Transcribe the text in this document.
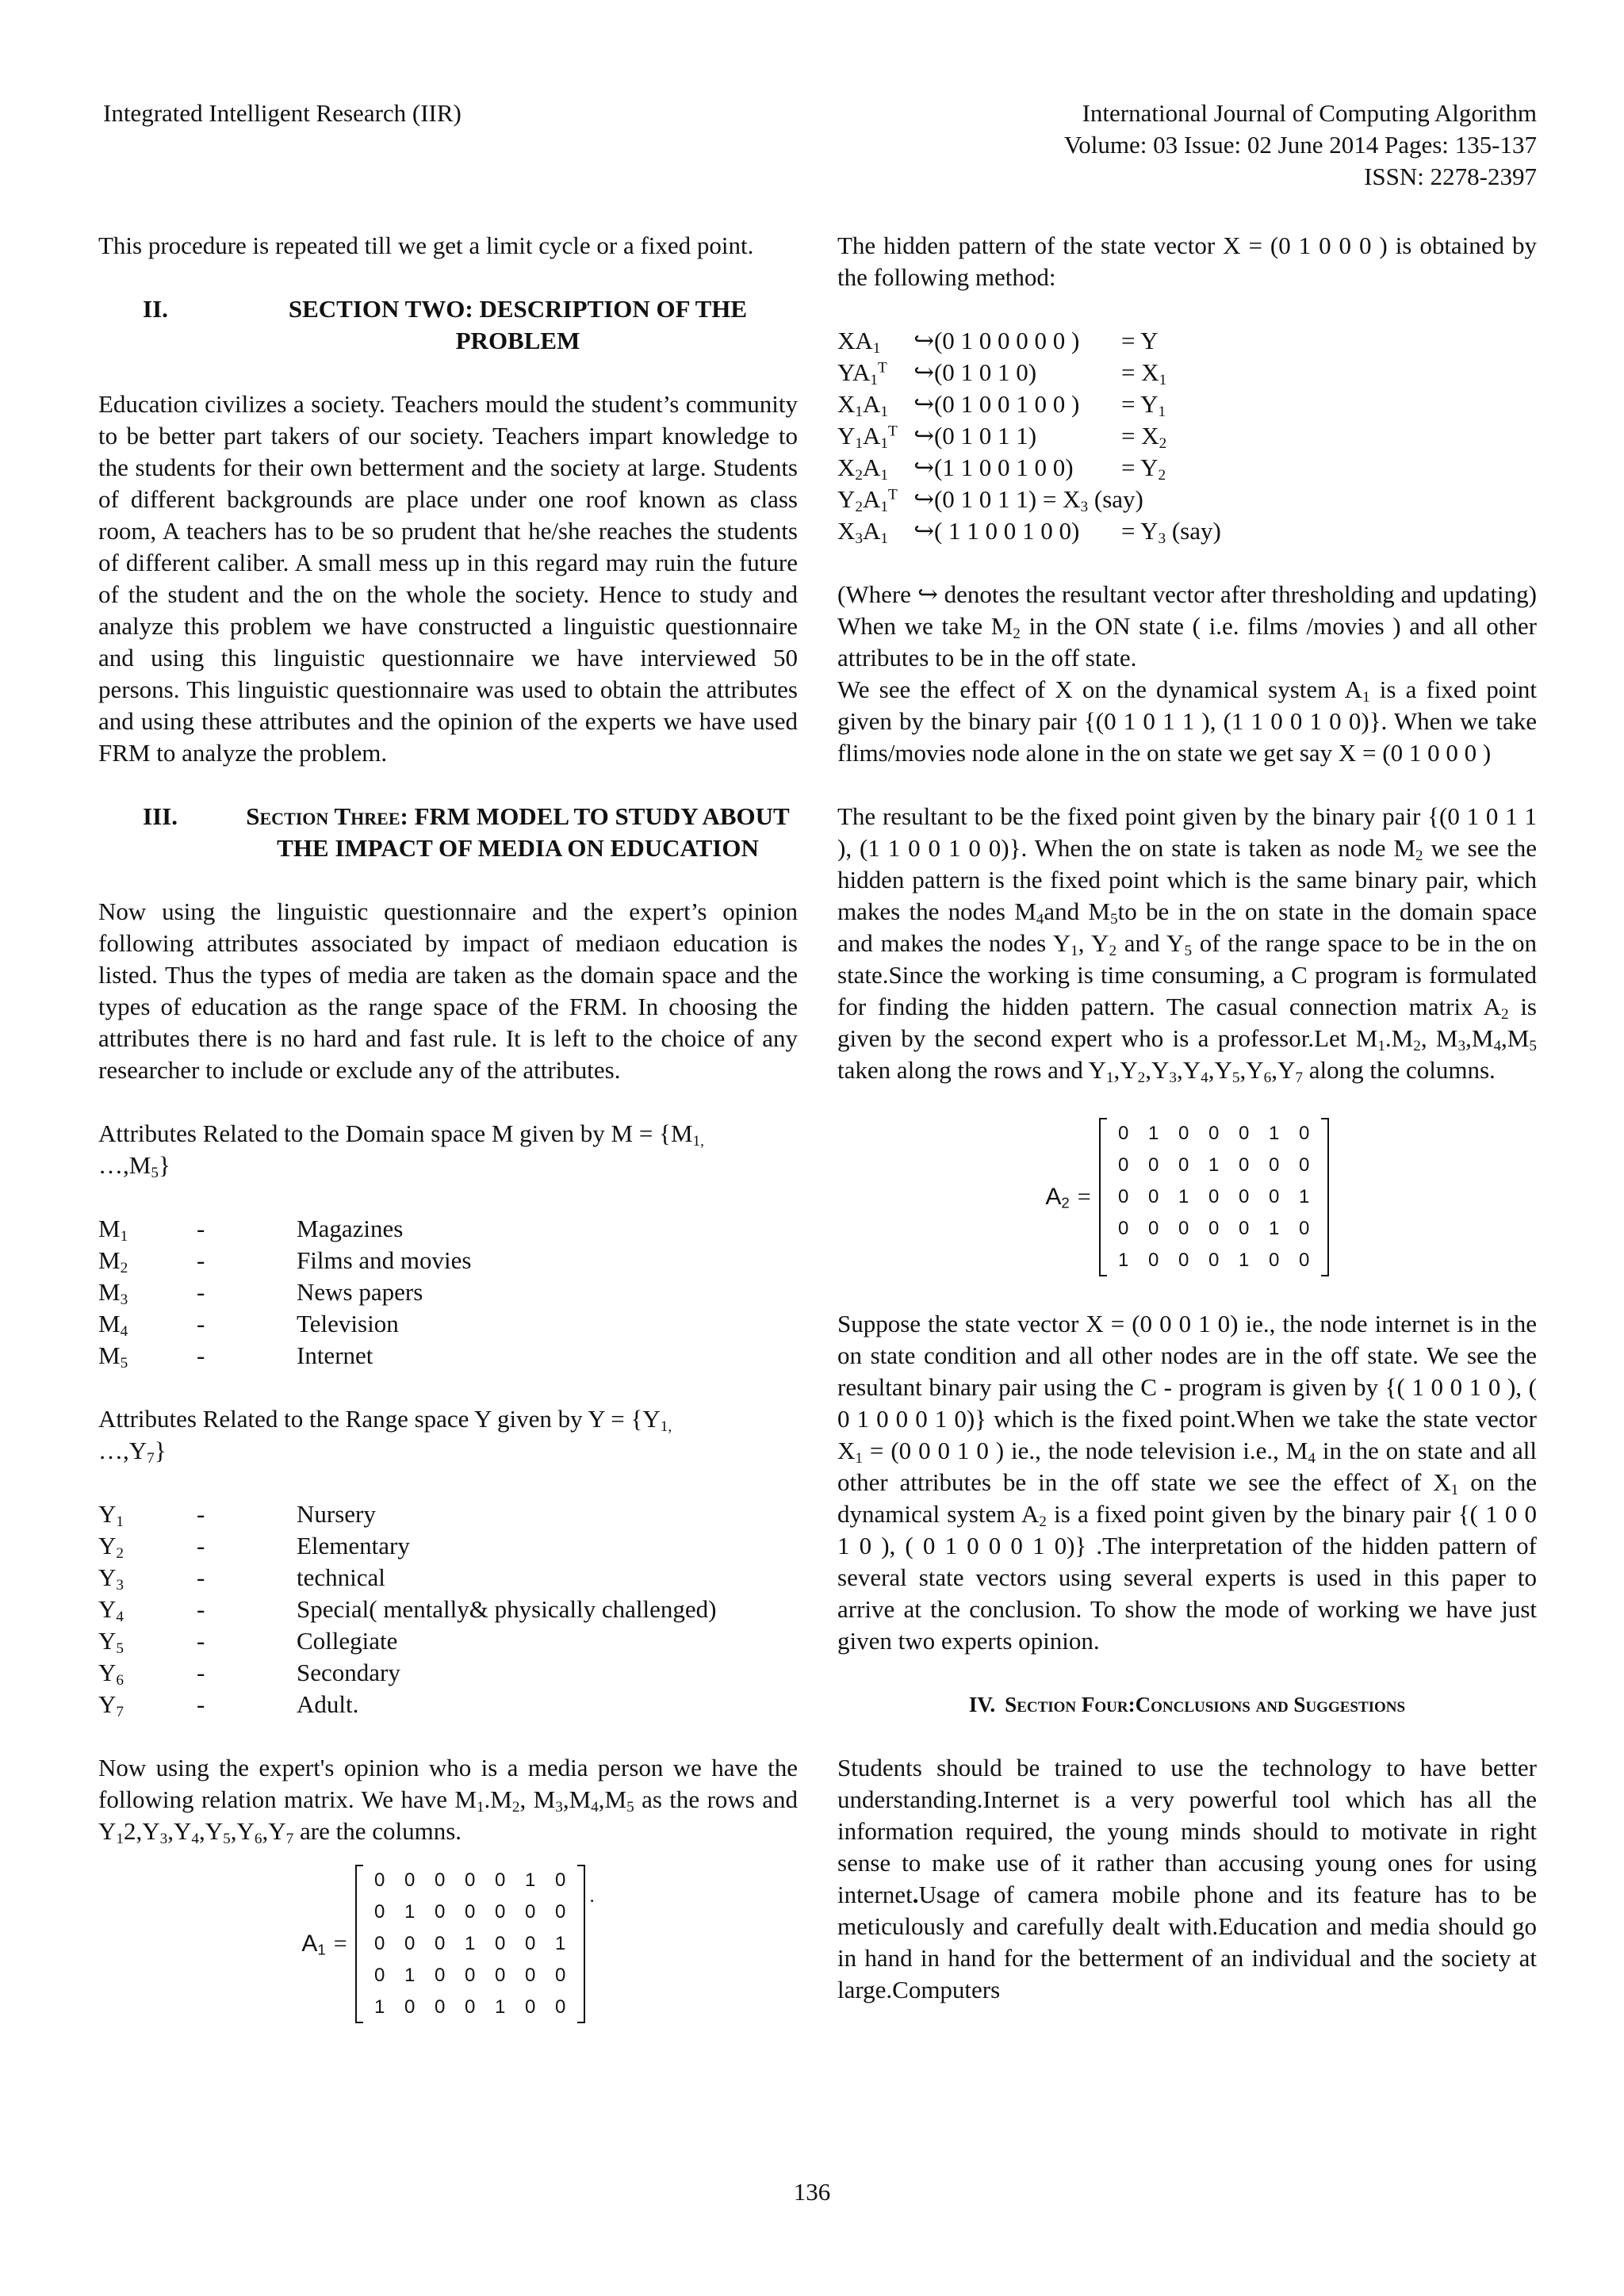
Integrated Intelligent Research (IIR)	International Journal of Computing Algorithm
Volume: 03 Issue: 02 June 2014 Pages: 135-137
ISSN: 2278-2397

This procedure is repeated till we get a limit cycle or a fixed point.

II.	SECTION TWO: DESCRIPTION OF THE PROBLEM

Education civilizes a society. Teachers mould the student’s community to be better part takers of our society. Teachers impart knowledge to the students for their own betterment and the society at large. Students of different backgrounds are place under one roof known as class room, A teachers has to be so prudent that he/she reaches the students of different caliber. A small mess up in this regard may ruin the future of the student and the on the whole the society. Hence to study and analyze this problem we have constructed a linguistic questionnaire and using this linguistic questionnaire we have interviewed 50 persons. This linguistic questionnaire was used to obtain the attributes and using these attributes and the opinion of the experts we have used FRM to analyze the problem.

III.	Section Three: FRM MODEL TO STUDY ABOUT THE IMPACT OF MEDIA ON EDUCATION

Now using the linguistic questionnaire and the expert’s opinion following attributes associated by impact of mediaon education is listed. Thus the types of media are taken as the domain space and the types of education as the range space of the FRM. In choosing the attributes there is no hard and fast rule. It is left to the choice of any researcher to include or exclude any of the attributes.

Attributes Related to the Domain space M given by $M = \{M_{1,}$
$\dots,M_5$}

$M_1$	-	Magazines
$M_2$	-	Films and movies
$M_3$	-	News papers
$M_4$	-	Television
$M_5$	-	Internet

Attributes Related to the Range space Y given by $Y = \{Y_{1,}$
$\dots,Y_7$}

$Y_1$	-	Nursery
$Y_2$	-	Elementary
$Y_3$	-	technical
$Y_4$	-	Special( mentally& physically challenged)
$Y_5$	-	Collegiate
$Y_6$	-	Secondary
$Y_7$	-	Adult.

Now using the expert's opinion who is a media person we have the following relation matrix. We have $M_1.M_2$, $M_3,M_4,M_5$ as the rows and $Y_12,Y_3,Y_4,Y_5,Y_6,Y_7$ are the columns.

$A_1$ =
0	0	0	0	0	1	0
0	1	0	0	0	0	0
0	0	0	1	0	0	1
0	1	0	0	0	0	0
1	0	0	0	1	0	0
.

The hidden pattern of the state vector X = (0 1 0 0 0 ) is obtained by the following method:

$XA_1$	↪(0 1 0 0 0 0 0 )	= Y
$YA_1^T$	↪(0 1 0 1 0)	= $X_1$
$X_1A_1$	↪(0 1 0 0 1 0 0 )	= $Y_1$
$Y_1A_1^T$ ↪(0 1 0 1 1)	= $X_2$
$X_2A_1$	↪(1 1 0 0 1 0 0)	= $Y_2$
$Y_2A_1^T$ ↪(0 1 0 1 $1) = X_3$ (say)
$X_3A_1$	↪( 1 1 0 0 1 0 0)	= $Y_3$ (say)

(Where ↪ denotes the resultant vector after thresholding and updating) When we take $M_2$ in the ON state ( i.e. films /movies ) and all other attributes to be in the off state.

We see the effect of X on the dynamical system $A_1$ is a fixed point given by the binary pair {(0 1 0 1 1 ), (1 1 0 0 1 0 0)}. When we take flims/movies node alone in the on state we get say X = (0 1 0 0 0 )

The resultant to be the fixed point given by the binary pair {(0 1 0 1 1 ), (1 1 0 0 1 0 0)}. When the on state is taken as node $M_2$ we see the hidden pattern is the fixed point which is the same binary pair, which makes the nodes $M_4and$ $M_5to$ be in the on state in the domain space and makes the nodes $Y_1$, $Y_2$ and $Y_5$ of the range space to be in the on state.Since the working is time consuming, a C program is formulated for finding the hidden pattern. The casual connection matrix $A_2$ is given by the second expert who is a professor.Let $M_1.M_2$, $M_3,M_4,M_5$ taken along the rows and $Y_1,Y_2,Y_3,Y_4,Y_5,Y_6,Y_7$ along the columns.

$A_2$ =
0	1	0	0	0	1	0
0	0	0	1	0	0	0
0	0	1	0	0	0	1
0	0	0	0	0	1	0
1	0	0	0	1	0	0

Suppose the state vector X = (0 0 0 1 0) ie., the node internet is in the on state condition and all other nodes are in the off state. We see the resultant binary pair using the C - program is given by {( 1 0 0 1 0 ), ( 0 1 0 0 0 1 0)} which is the fixed point.When we take the state vector $X_1 = (0$ 0 0 1 0 ) ie., the node television i.e., $M_4$ in the on state and all other attributes be in the off state we see the effect of $X_1$ on the dynamical system $A_2$ is a fixed point given by the binary pair {( 1 0 0 1 0 ), ( 0 1 0 0 0 1 0)} .The interpretation of the hidden pattern of several state vectors using several experts is used in this paper to arrive at the conclusion. To show the mode of working we have just given two experts opinion.

IV. Section Four : Conclusions and Suggestions

Students should be trained to use the technology to have better understanding.Internet is a very powerful tool which has all the information required, the young minds should to motivate in right sense to make use of it rather than accusing young ones for using internet.Usage of camera mobile phone and its feature has to be meticulously and carefully dealt with.Education and media should go in hand in hand for the betterment of an individual and the society at large.Computers

136
